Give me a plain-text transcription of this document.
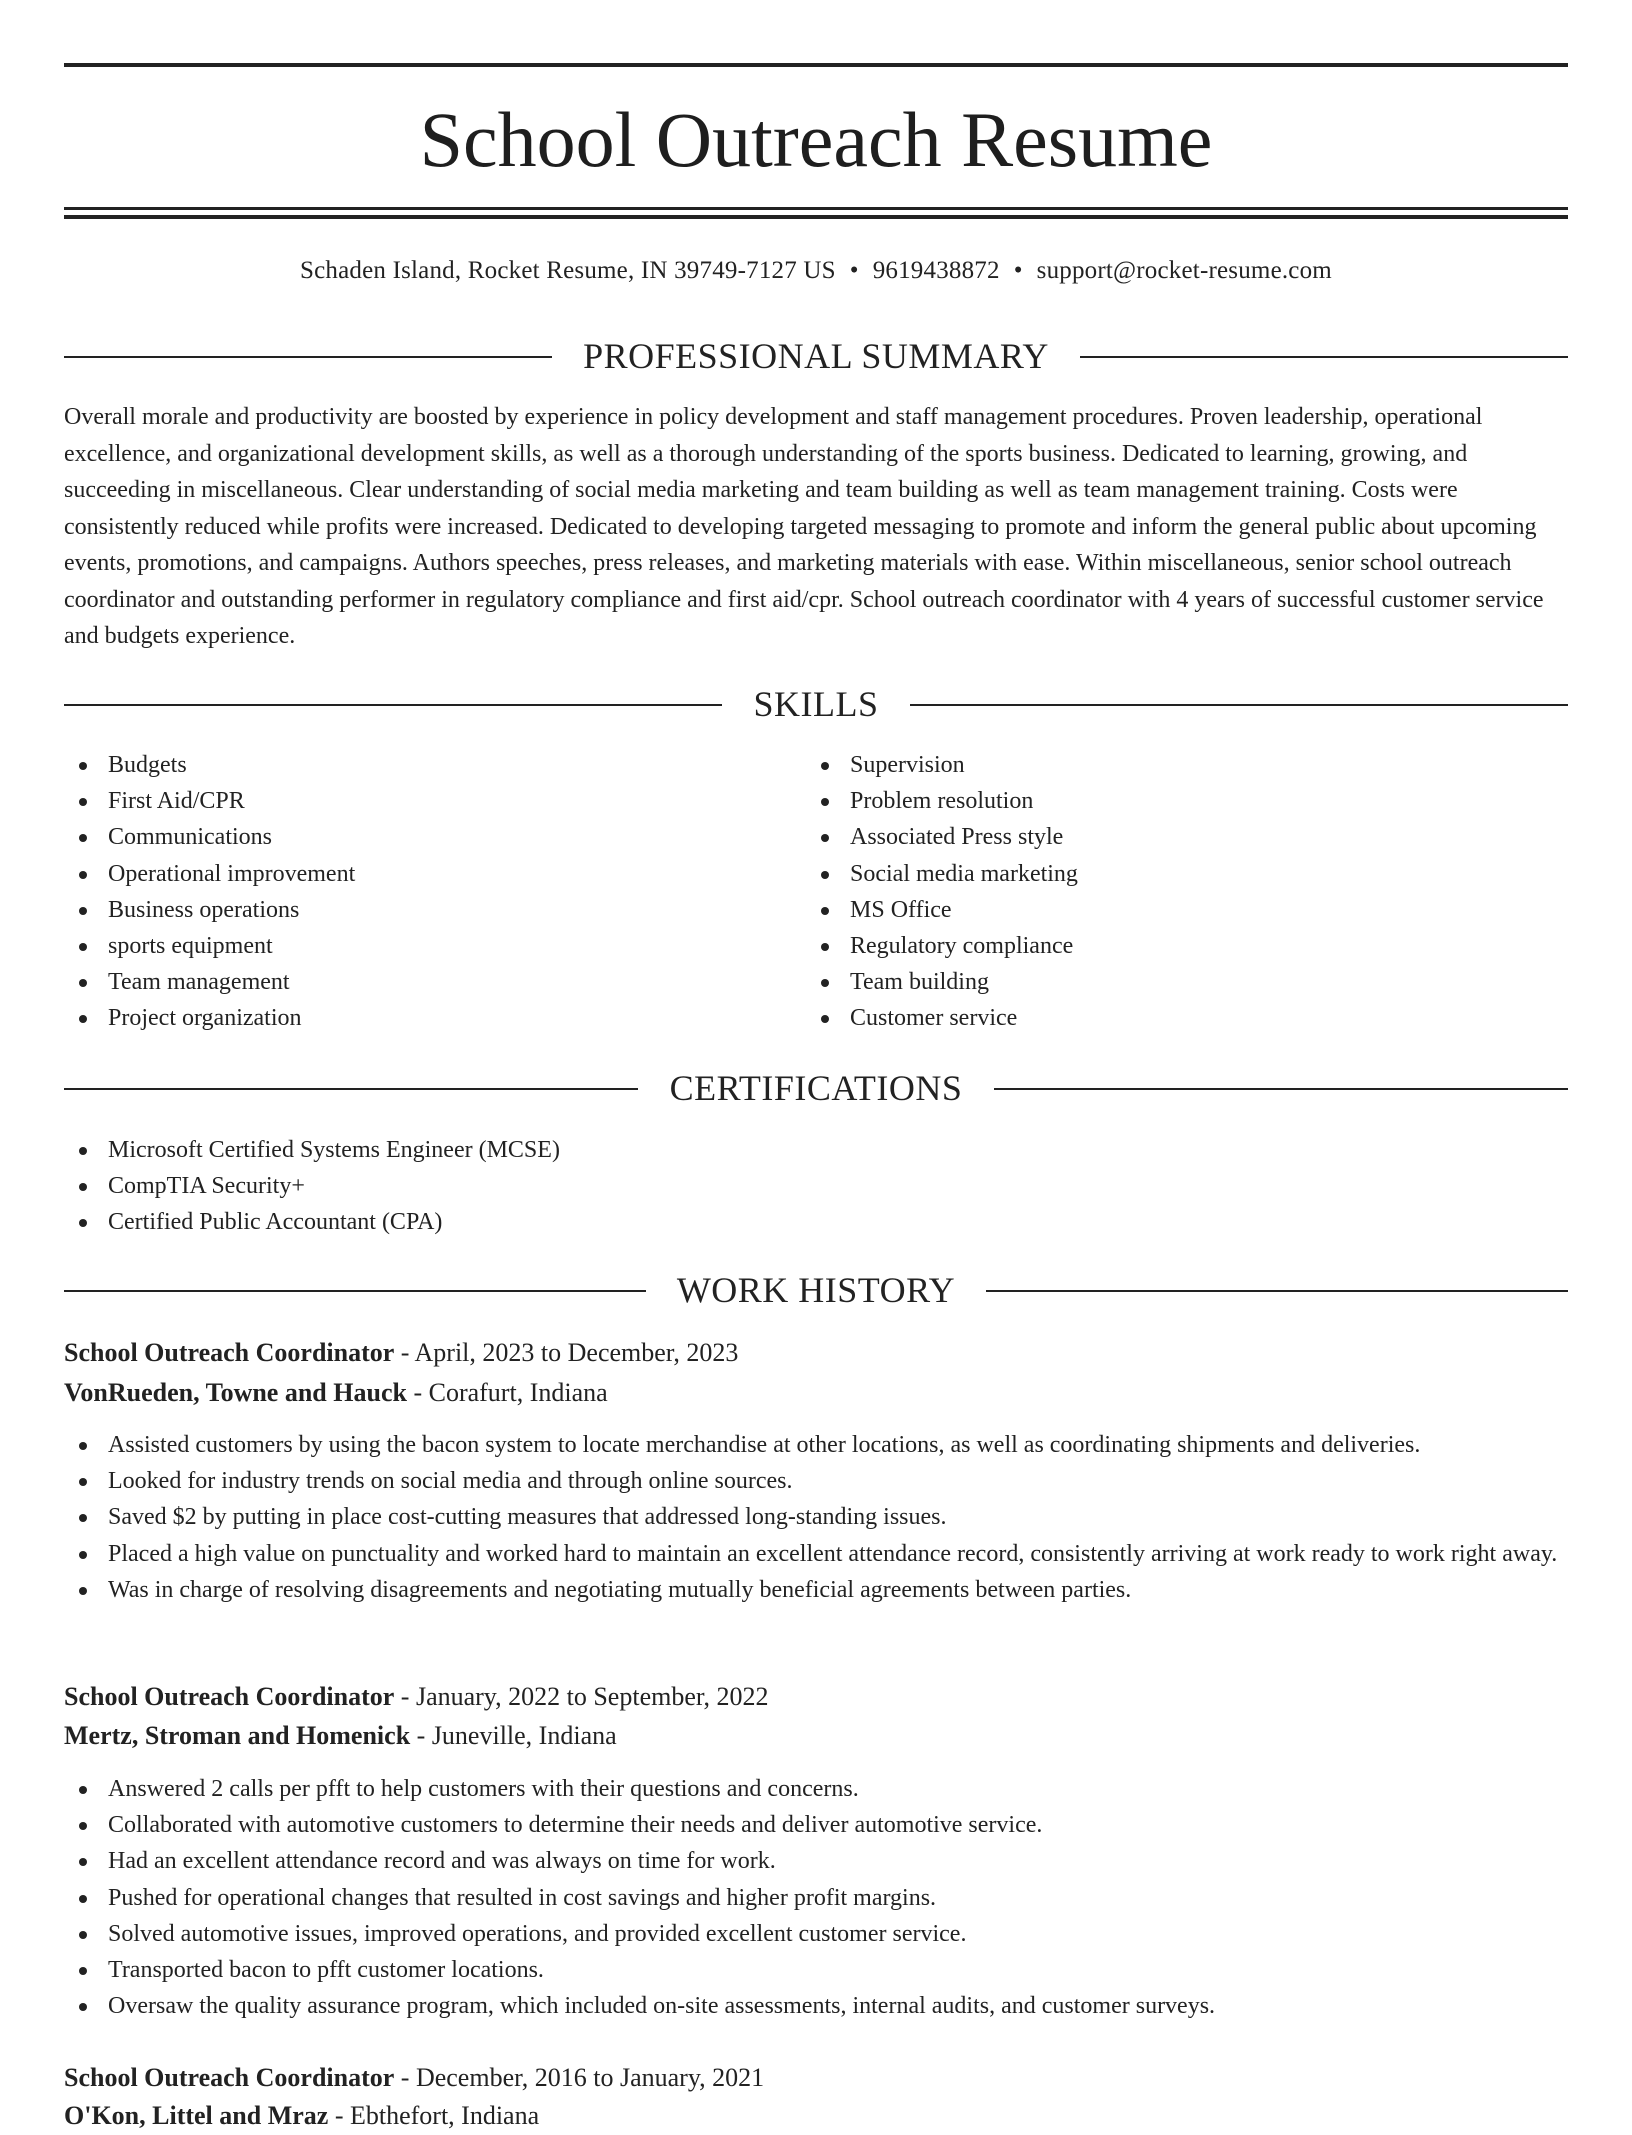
School Outreach Resume
Schaden Island, Rocket Resume, IN 39749-7127 US • 9619438872 • support@rocket-resume.com
PROFESSIONAL SUMMARY

Overall morale and productivity are boosted by experience in policy development and staff management procedures. Proven leadership, operational excellence, and organizational development skills, as well as a thorough understanding of the sports business. Dedicated to learning, growing, and succeeding in miscellaneous. Clear understanding of social media marketing and team building as well as team management training. Costs were consistently reduced while profits were increased. Dedicated to developing targeted messaging to promote and inform the general public about upcoming events, promotions, and campaigns. Authors speeches, press releases, and marketing materials with ease. Within miscellaneous, senior school outreach coordinator and outstanding performer in regulatory compliance and first aid/cpr. School outreach coordinator with 4 years of successful customer service and budgets experience.

SKILLS
Budgets
First Aid/CPR
Communications
Operational improvement
Business operations
sports equipment
Team management
Project organization
Supervision
Problem resolution
Associated Press style
Social media marketing
MS Office
Regulatory compliance
Team building
Customer service
CERTIFICATIONS
Microsoft Certified Systems Engineer (MCSE)
CompTIA Security+
Certified Public Accountant (CPA)
WORK HISTORY
School Outreach Coordinator - April, 2023 to December, 2023
VonRueden, Towne and Hauck - Corafurt, Indiana
Assisted customers by using the bacon system to locate merchandise at other locations, as well as coordinating shipments and deliveries.
Looked for industry trends on social media and through online sources.
Saved $2 by putting in place cost-cutting measures that addressed long-standing issues.
Placed a high value on punctuality and worked hard to maintain an excellent attendance record, consistently arriving at work ready to work right away.
Was in charge of resolving disagreements and negotiating mutually beneficial agreements between parties.
School Outreach Coordinator - January, 2022 to September, 2022
Mertz, Stroman and Homenick - Juneville, Indiana
Answered 2 calls per pfft to help customers with their questions and concerns.
Collaborated with automotive customers to determine their needs and deliver automotive service.
Had an excellent attendance record and was always on time for work.
Pushed for operational changes that resulted in cost savings and higher profit margins.
Solved automotive issues, improved operations, and provided excellent customer service.
Transported bacon to pfft customer locations.
Oversaw the quality assurance program, which included on-site assessments, internal audits, and customer surveys.
School Outreach Coordinator - December, 2016 to January, 2021
O'Kon, Littel and Mraz - Ebthefort, Indiana
